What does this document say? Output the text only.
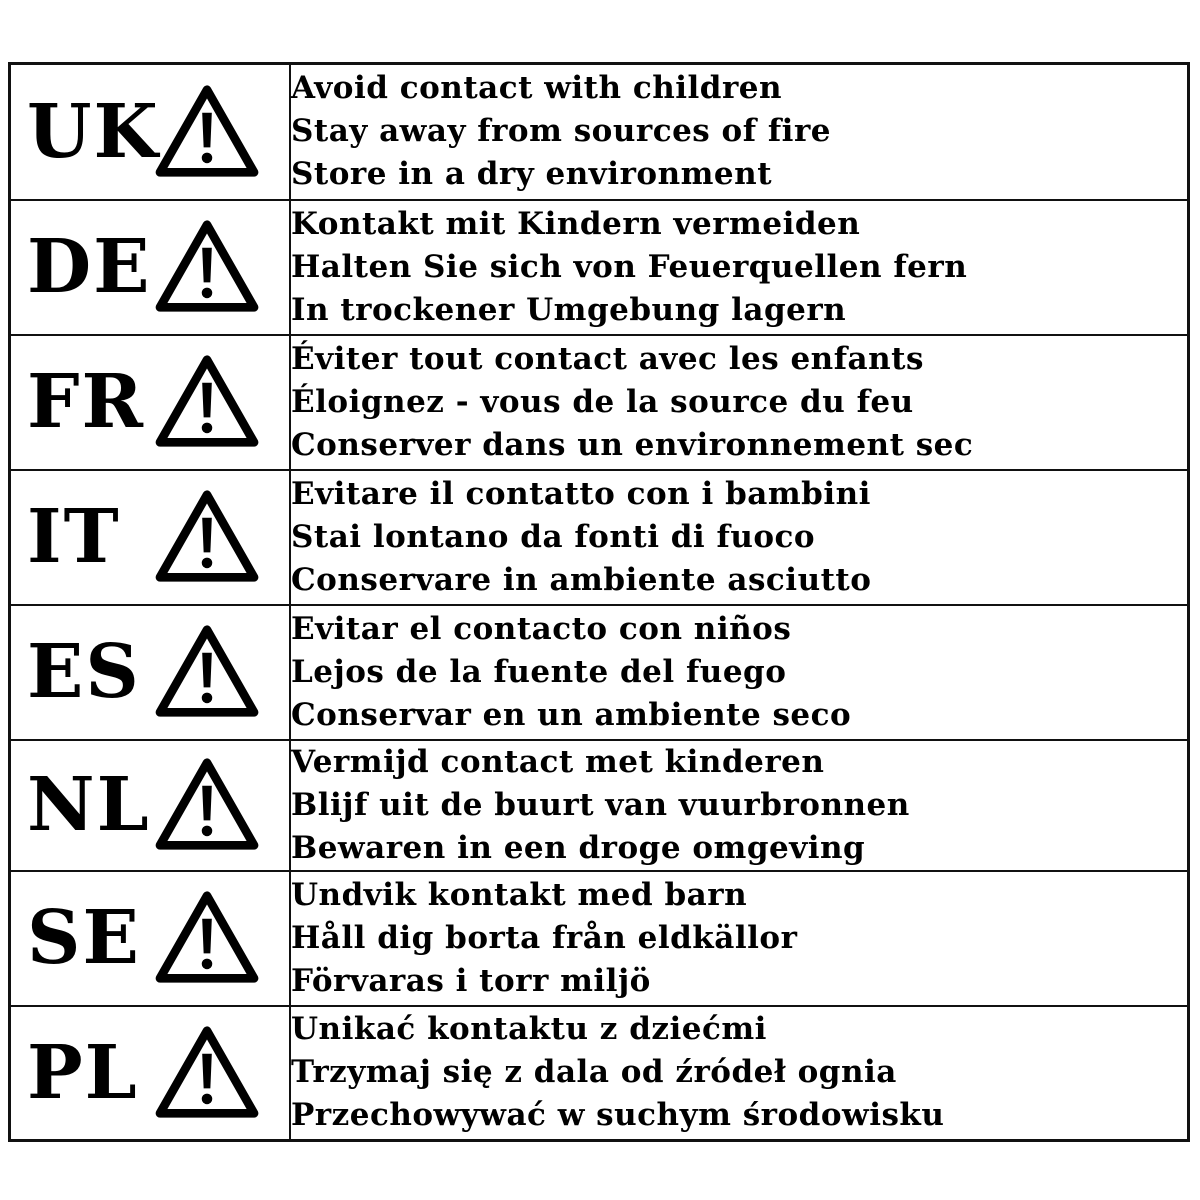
UK	Avoid contact with children
Stay away from sources of fire
Store in a dry environment

DE	Kontakt mit Kindern vermeiden
Halten Sie sich von Feuerquellen fern
In trockener Umgebung lagern

FR	Éviter tout contact avec les enfants
Éloignez - vous de la source du feu
Conserver dans un environnement sec

IT	Evitare il contatto con i bambini
Stai lontano da fonti di fuoco
Conservare in ambiente asciutto

ES	Evitar el contacto con niños
Lejos de la fuente del fuego
Conservar en un ambiente seco

NL	Vermijd contact met kinderen
Blijf uit de buurt van vuurbronnen
Bewaren in een droge omgeving

SE	Undvik kontakt med barn
Håll dig borta från eldkällor
Förvaras i torr miljö

PL	Unikać kontaktu z dziećmi
Trzymaj się z dala od źródeł ognia
Przechowywać w suchym środowisku
